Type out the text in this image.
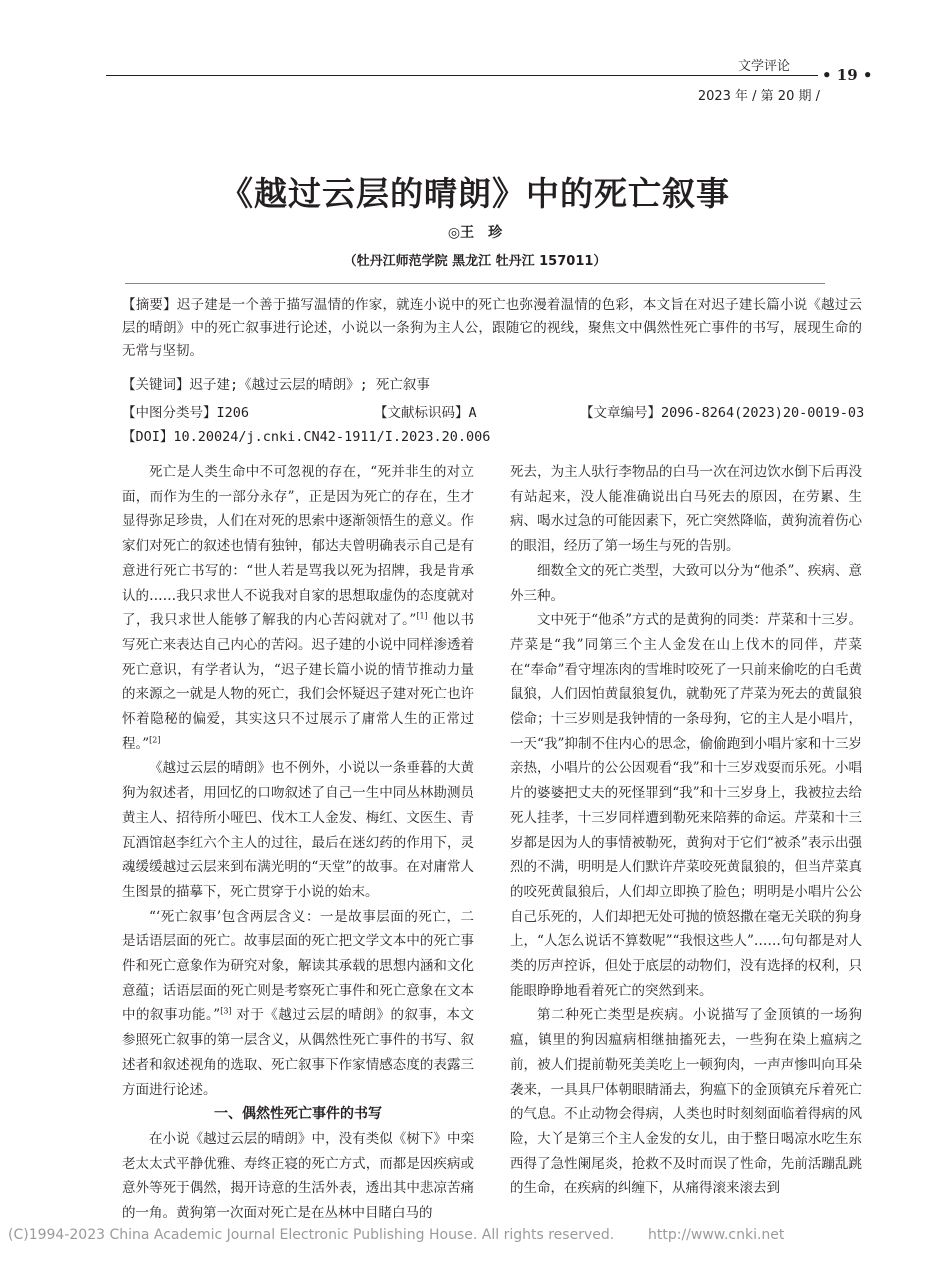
文学评论 • 19 •
2023 年 / 第 20 期 /
《越过云层的晴朗》中的死亡叙事
◎王　珍
（牡丹江师范学院 黑龙江 牡丹江 157011）
【摘要】迟子建是一个善于描写温情的作家，就连小说中的死亡也弥漫着温情的色彩，本文旨在对迟子建长篇小说《越过云层的晴朗》中的死亡叙事进行论述，小说以一条狗为主人公，跟随它的视线，聚焦文中偶然性死亡事件的书写，展现生命的无常与坚韧。
【关键词】迟子建;《越过云层的晴朗》; 死亡叙事
【中图分类号】I206	【文献标识码】A	【文章编号】2096-8264(2023)20-0019-03
【DOI】10.20024/j.cnki.CN42-1911/I.2023.20.006

死亡是人类生命中不可忽视的存在，“死并非生的对立面，而作为生的一部分永存”，正是因为死亡的存在，生才显得弥足珍贵，人们在对死的思索中逐渐领悟生的意义。作家们对死亡的叙述也情有独钟，郁达夫曾明确表示自己是有意进行死亡书写的：“世人若是骂我以死为招牌，我是肯承认的……我只求世人不说我对自家的思想取虚伪的态度就对了，我只求世人能够了解我的内心苦闷就对了。”[1] 他以书写死亡来表达自己内心的苦闷。迟子建的小说中同样渗透着死亡意识，有学者认为，“迟子建长篇小说的情节推动力量的来源之一就是人物的死亡，我们会怀疑迟子建对死亡也许怀着隐秘的偏爱，其实这只不过展示了庸常人生的正常过程。”[2]

《越过云层的晴朗》也不例外，小说以一条垂暮的大黄狗为叙述者，用回忆的口吻叙述了自己一生中同丛林勘测员黄主人、招待所小哑巴、伐木工人金发、梅红、文医生、青瓦酒馆赵李红六个主人的过往，最后在迷幻药的作用下，灵魂缓缓越过云层来到布满光明的“天堂”的故事。在对庸常人生图景的描摹下，死亡贯穿于小说的始末。

“‘死亡叙事’包含两层含义：一是故事层面的死亡，二是话语层面的死亡。故事层面的死亡把文学文本中的死亡事件和死亡意象作为研究对象，解读其承载的思想内涵和文化意蕴；话语层面的死亡则是考察死亡事件和死亡意象在文本中的叙事功能。”[3] 对于《越过云层的晴朗》的叙事，本文参照死亡叙事的第一层含义，从偶然性死亡事件的书写、叙述者和叙述视角的选取、死亡叙事下作家情感态度的表露三方面进行论述。

一、偶然性死亡事件的书写

在小说《越过云层的晴朗》中，没有类似《树下》中栾老太太式平静优雅、寿终正寝的死亡方式，而都是因疾病或意外等死于偶然，揭开诗意的生活外表，透出其中悲凉苦痛的一角。黄狗第一次面对死亡是在丛林中目睹白马的

死去，为主人驮行李物品的白马一次在河边饮水倒下后再没有站起来，没人能准确说出白马死去的原因，在劳累、生病、喝水过急的可能因素下，死亡突然降临，黄狗流着伤心的眼泪，经历了第一场生与死的告别。

细数全文的死亡类型，大致可以分为“他杀”、疾病、意外三种。

文中死于“他杀”方式的是黄狗的同类：芹菜和十三岁。芹菜是“我”同第三个主人金发在山上伐木的同伴，芹菜在“奉命”看守埋冻肉的雪堆时咬死了一只前来偷吃的白毛黄鼠狼，人们因怕黄鼠狼复仇，就勒死了芹菜为死去的黄鼠狼偿命；十三岁则是我钟情的一条母狗，它的主人是小唱片，一天“我”抑制不住内心的思念，偷偷跑到小唱片家和十三岁亲热，小唱片的公公因观看“我”和十三岁戏耍而乐死。小唱片的婆婆把丈夫的死怪罪到“我”和十三岁身上，我被拉去给死人挂孝，十三岁同样遭到勒死来陪葬的命运。芹菜和十三岁都是因为人的事情被勒死，黄狗对于它们“被杀”表示出强烈的不满，明明是人们默许芹菜咬死黄鼠狼的，但当芹菜真的咬死黄鼠狼后，人们却立即换了脸色；明明是小唱片公公自己乐死的，人们却把无处可抛的愤怒撒在毫无关联的狗身上，“人怎么说话不算数呢”“我恨这些人”……句句都是对人类的厉声控诉，但处于底层的动物们，没有选择的权利，只能眼睁睁地看着死亡的突然到来。

第二种死亡类型是疾病。小说描写了金顶镇的一场狗瘟，镇里的狗因瘟病相继抽搐死去，一些狗在染上瘟病之前，被人们提前勒死美美吃上一顿狗肉，一声声惨叫向耳朵袭来，一具具尸体朝眼睛涌去，狗瘟下的金顶镇充斥着死亡的气息。不止动物会得病，人类也时时刻刻面临着得病的风险，大丫是第三个主人金发的女儿，由于整日喝凉水吃生东西得了急性阑尾炎，抢救不及时而误了性命，先前活蹦乱跳的生命，在疾病的纠缠下，从痛得滚来滚去到

(C)1994-2023 China Academic Journal Electronic Publishing House. All rights reserved. http://www.cnki.net
